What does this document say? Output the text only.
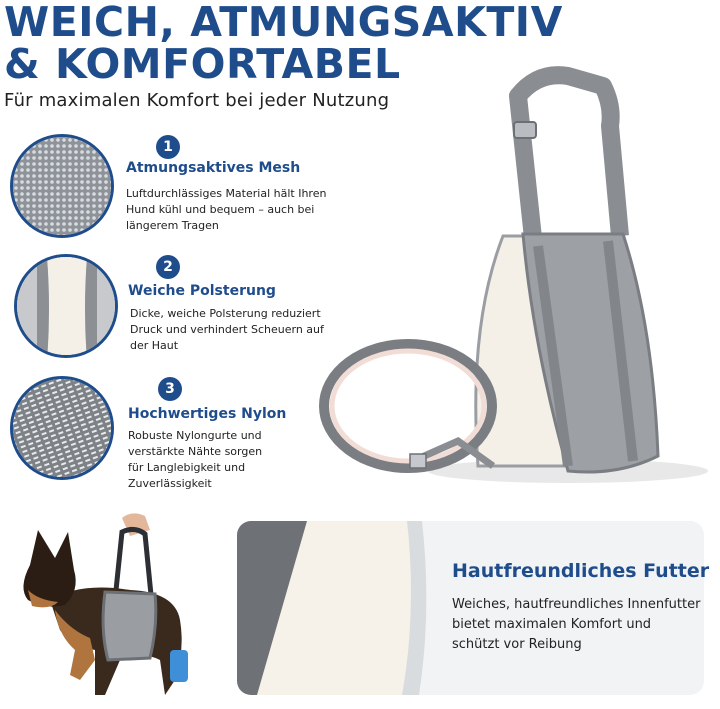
WEICH, ATMUNGSAKTIV
& KOMFORTABEL
Für maximalen Komfort bei jeder Nutzung
1
Atmungsaktives Mesh
Luftdurchlässiges Material hält Ihren Hund kühl und bequem – auch bei längerem Tragen
2
Weiche Polsterung
Dicke, weiche Polsterung reduziert Druck und verhindert Scheuern auf der Haut
3
Hochwertiges Nylon
Robuste Nylongurte und verstärkte Nähte sorgen für Langlebigkeit und Zuverlässigkeit
Hautfreundliches Futter
Weiches, hautfreundliches Innenfutter bietet maximalen Komfort und schützt vor Reibung
